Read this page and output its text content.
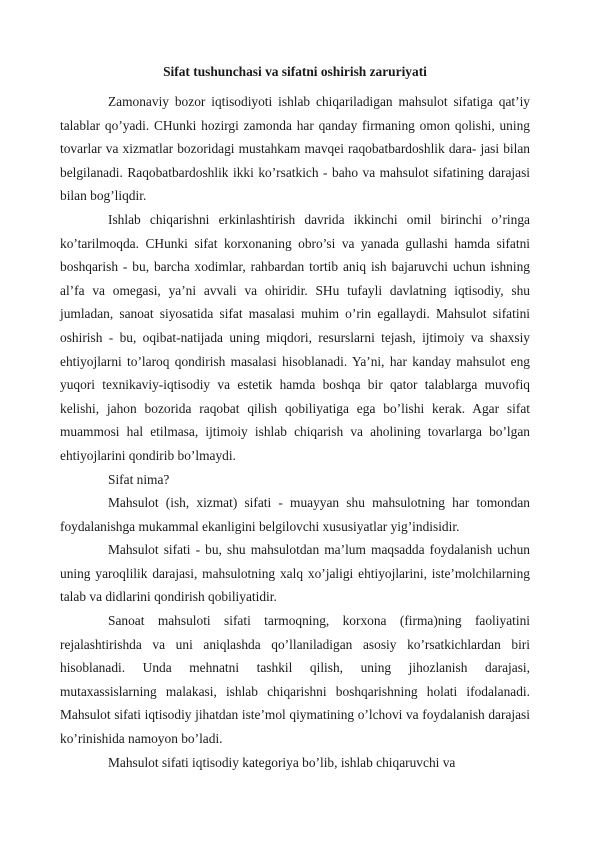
Sifat tushunchasi va sifatni oshirish zaruriyati

Zamonaviy bozor iqtisodiyoti ishlab chiqariladigan mahsulot sifatiga qat’iy talablar qo’yadi. CHunki hozirgi zamonda har qanday firmaning omon qolishi, uning tovarlar va xizmatlar bozoridagi mustahkam mavqei raqobatbardoshlik dara- jasi bilan belgilanadi. Raqobatbardoshlik ikki ko’rsatkich - baho va mahsulot sifatining darajasi bilan bog’liqdir.

Ishlab chiqarishni erkinlashtirish davrida ikkinchi omil birinchi o’ringa ko’tarilmoqda. CHunki sifat korxonaning obro’si va yanada gullashi hamda sifatni boshqarish - bu, barcha xodimlar, rahbardan tortib aniq ish bajaruvchi uchun ishning al’fa va omegasi, ya’ni avvali va ohiridir. SHu tufayli davlatning iqtisodiy, shu jumladan, sanoat siyosatida sifat masalasi muhim o’rin egallaydi. Mahsulot sifatini oshirish - bu, oqibat-natijada uning miqdori, resurslarni tejash, ijtimoiy va shaxsiy ehtiyojlarni to’laroq qondirish masalasi hisoblanadi. Ya’ni, har kanday mahsulot eng yuqori texnikaviy-iqtisodiy va estetik hamda boshqa bir qator talablarga muvofiq kelishi, jahon bozorida raqobat qilish qobiliyatiga ega bo’lishi kerak. Agar sifat muammosi hal etilmasa, ijtimoiy ishlab chiqarish va aholining tovarlarga bo’lgan ehtiyojlarini qondirib bo’lmaydi.

Sifat nima?

Mahsulot (ish, xizmat) sifati - muayyan shu mahsulotning har tomondan foydalanishga mukammal ekanligini belgilovchi xususiyatlar yig’indisidir.

Mahsulot sifati - bu, shu mahsulotdan ma’lum maqsadda foydalanish uchun uning yaroqlilik darajasi, mahsulotning xalq xo’jaligi ehtiyojlarini, iste’molchilarning talab va didlarini qondirish qobiliyatidir.

Sanoat mahsuloti sifati tarmoqning, korxona (firma)ning faoliyatini rejalashtirishda va uni aniqlashda qo’llaniladigan asosiy ko’rsatkichlardan biri hisoblanadi. Unda mehnatni tashkil qilish, uning jihozlanish darajasi, mutaxassislarning malakasi, ishlab chiqarishni boshqarishning holati ifodalanadi. Mahsulot sifati iqtisodiy jihatdan iste’mol qiymatining o’lchovi va foydalanish darajasi ko’rinishida namoyon bo’ladi.

Mahsulot sifati iqtisodiy kategoriya bo’lib, ishlab chiqaruvchi va
